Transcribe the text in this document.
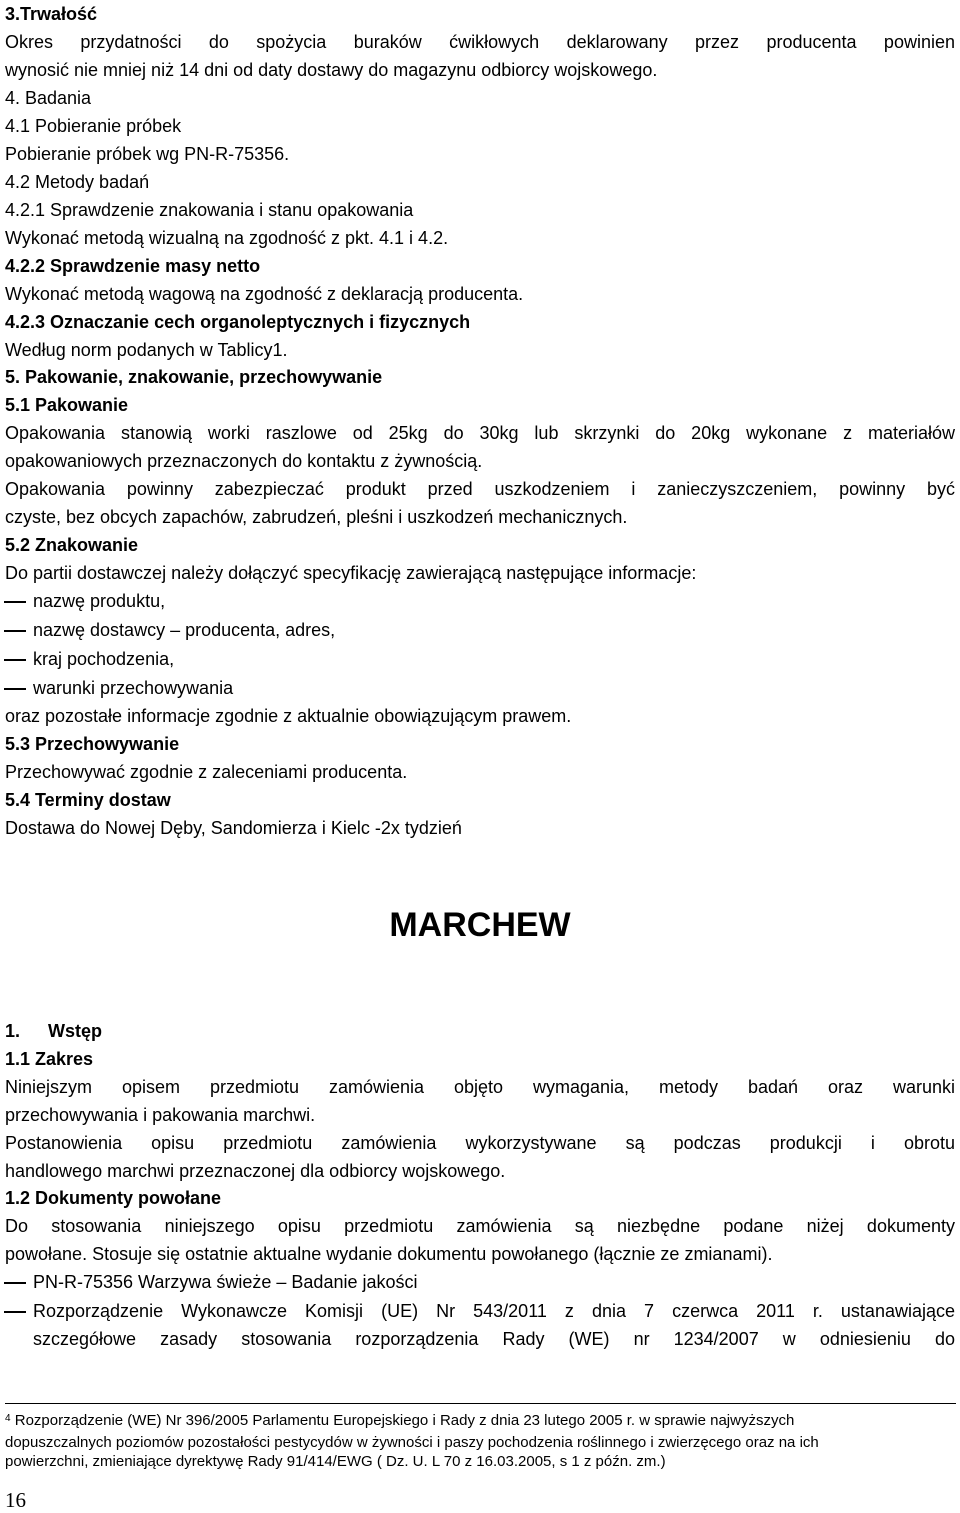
3.Trwałość
Okres przydatności do spożycia buraków ćwikłowych deklarowany przez producenta powinien
wynosić nie mniej niż 14 dni od daty dostawy do magazynu odbiorcy wojskowego.
4. Badania
4.1 Pobieranie próbek
Pobieranie próbek wg PN-R-75356.
4.2 Metody badań
4.2.1 Sprawdzenie znakowania i stanu opakowania
Wykonać metodą wizualną na zgodność z pkt. 4.1 i 4.2.
4.2.2 Sprawdzenie masy netto
Wykonać metodą wagową na zgodność z deklaracją producenta.
4.2.3 Oznaczanie cech organoleptycznych i fizycznych
Według norm podanych w Tablicy1.
5. Pakowanie, znakowanie, przechowywanie
5.1 Pakowanie
Opakowania stanowią worki raszlowe od 25kg do 30kg lub skrzynki do 20kg wykonane z materiałów
opakowaniowych przeznaczonych do kontaktu z żywnością.
Opakowania powinny zabezpieczać produkt przed uszkodzeniem i zanieczyszczeniem, powinny być
czyste, bez obcych zapachów, zabrudzeń, pleśni i uszkodzeń mechanicznych.
5.2 Znakowanie
Do partii dostawczej należy dołączyć specyfikację zawierającą następujące informacje:
nazwę produktu,
nazwę dostawcy – producenta, adres,
kraj pochodzenia,
warunki przechowywania
oraz pozostałe informacje zgodnie z aktualnie obowiązującym prawem.
5.3 Przechowywanie
Przechowywać zgodnie z zaleceniami producenta.
5.4 Terminy dostaw
Dostawa do Nowej Dęby, Sandomierza i Kielc -2x tydzień
MARCHEW
1. Wstęp
1.1 Zakres
Niniejszym opisem przedmiotu zamówienia objęto wymagania, metody badań oraz warunki
przechowywania i pakowania marchwi.
Postanowienia opisu przedmiotu zamówienia wykorzystywane są podczas produkcji i obrotu
handlowego marchwi przeznaczonej dla odbiorcy wojskowego.
1.2 Dokumenty powołane
Do stosowania niniejszego opisu przedmiotu zamówienia są niezbędne podane niżej dokumenty
powołane. Stosuje się ostatnie aktualne wydanie dokumentu powołanego (łącznie ze zmianami).
PN-R-75356 Warzywa świeże – Badanie jakości
Rozporządzenie Wykonawcze Komisji (UE) Nr 543/2011 z dnia 7 czerwca 2011 r. ustanawiające
szczegółowe zasady stosowania rozporządzenia Rady (WE) nr 1234/2007 w odniesieniu do
$^4$ Rozporządzenie (WE) Nr 396/2005 Parlamentu Europejskiego i Rady z dnia 23 lutego 2005 r. w sprawie najwyższych
dopuszczalnych poziomów pozostałości pestycydów w żywności i paszy pochodzenia roślinnego i zwierzęcego oraz na ich
powierzchni, zmieniające dyrektywę Rady 91/414/EWG ( Dz. U. L 70 z 16.03.2005, s 1 z późn. zm.)
16
